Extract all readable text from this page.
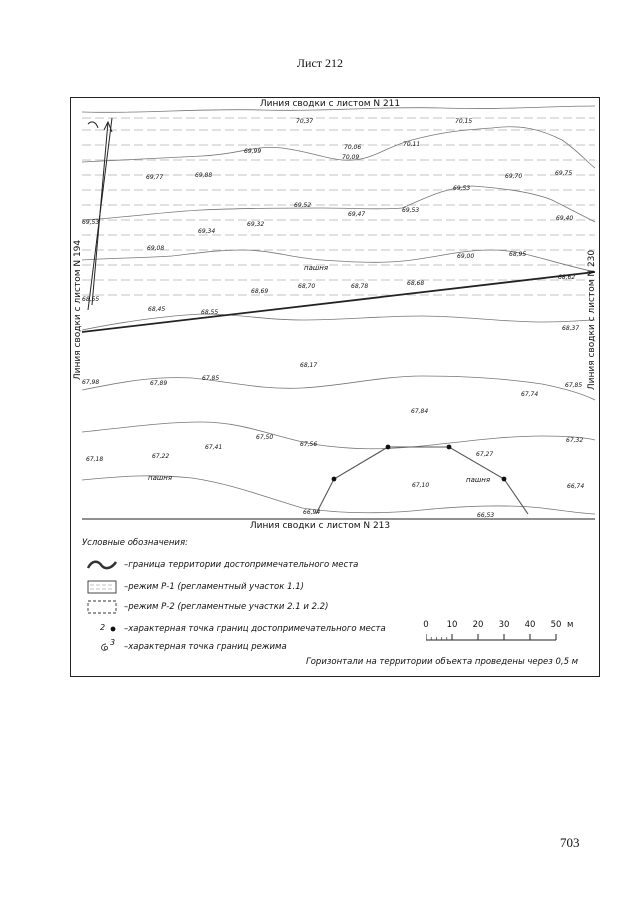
Лист 212
Линия сводки с листом N 211
Линия сводки с листом N 213
Линия сводки с листом N 194	Линия сводки с листом N 230
70,37	70,15
70,06
70,09
70,11
69,99
69,77	69,88	69,70	69,75
69,53
69,52
69,47
69,53
69,32
69,34
69,40
69,53
69,08
69,00	68,95
68,70	68,78	68,68
68,69
68,62
68,55
68,45	68,55
68,37
68,17
67,98	67,89
67,85
67,85
67,74
67,84
67,50
67,56
67,41
67,32
67,27
67,22
67,18
67,10	66,74
66,94	66,53
пашня
пашня	пашня
Условные обозначения:
–граница территории достопримечательного места
–режим Р-1 (регламентный участок 1.1)
–режим Р-2 (регламентные участки 2.1 и 2.2)
2 –характерная точка границ достопримечательного места
3 –характерная точка границ режима
0 10 20 30 40 50 м
Горизонтали на территории объекта проведены через 0,5 м
703
